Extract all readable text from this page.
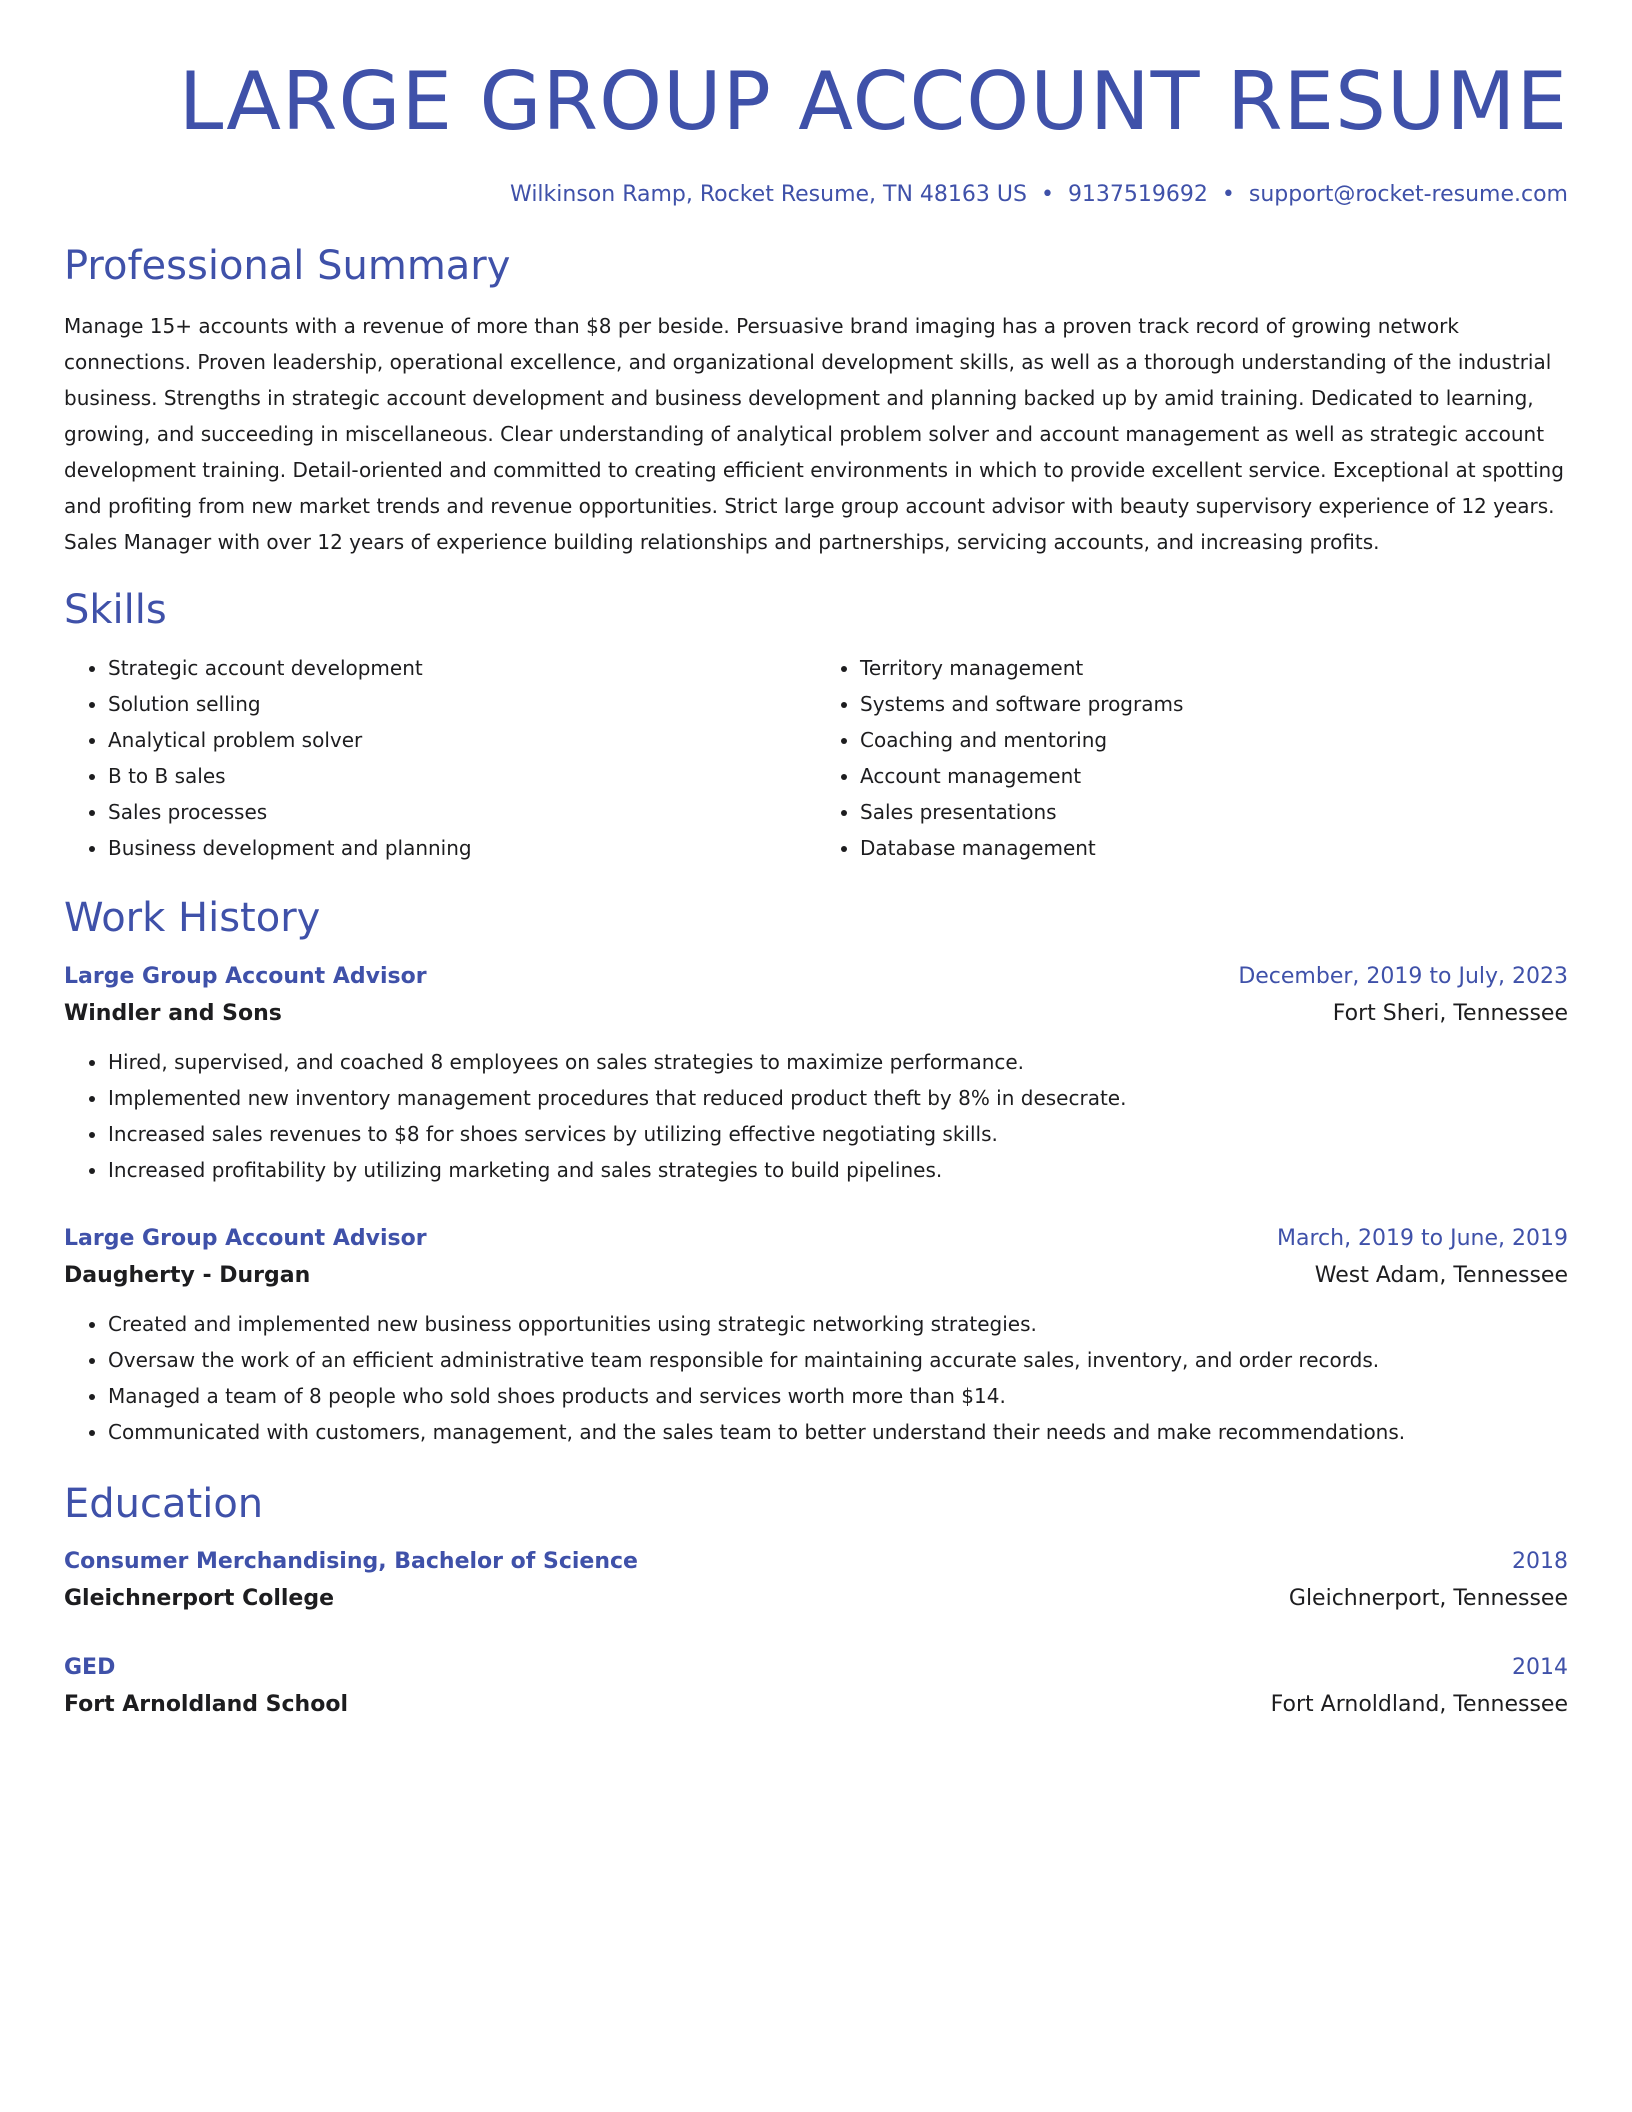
LARGE GROUP ACCOUNT RESUME
Wilkinson Ramp, Rocket Resume, TN 48163 US • 9137519692 • support@rocket-resume.com
Professional Summary

Manage 15+ accounts with a revenue of more than $8 per beside. Persuasive brand imaging has a proven track record of growing network connections. Proven leadership, operational excellence, and organizational development skills, as well as a thorough understanding of the industrial business. Strengths in strategic account development and business development and planning backed up by amid training. Dedicated to learning, growing, and succeeding in miscellaneous. Clear understanding of analytical problem solver and account management as well as strategic account development training. Detail-oriented and committed to creating efficient environments in which to provide excellent service. Exceptional at spotting and profiting from new market trends and revenue opportunities. Strict large group account advisor with beauty supervisory experience of 12 years. Sales Manager with over 12 years of experience building relationships and partnerships, servicing accounts, and increasing profits.

Skills
• Strategic account development
• Solution selling
• Analytical problem solver
• B to B sales
• Sales processes
• Business development and planning
• Territory management
• Systems and software programs
• Coaching and mentoring
• Account management
• Sales presentations
• Database management
Work History
Large Group Account Advisor	December, 2019 to July, 2023
Windler and Sons	Fort Sheri, Tennessee
• Hired, supervised, and coached 8 employees on sales strategies to maximize performance.
• Implemented new inventory management procedures that reduced product theft by 8% in desecrate.
• Increased sales revenues to $8 for shoes services by utilizing effective negotiating skills.
• Increased profitability by utilizing marketing and sales strategies to build pipelines.
Large Group Account Advisor	March, 2019 to June, 2019
Daugherty - Durgan	West Adam, Tennessee
• Created and implemented new business opportunities using strategic networking strategies.
• Oversaw the work of an efficient administrative team responsible for maintaining accurate sales, inventory, and order records.
• Managed a team of 8 people who sold shoes products and services worth more than $14.
• Communicated with customers, management, and the sales team to better understand their needs and make recommendations.
Education
Consumer Merchandising, Bachelor of Science	2018
Gleichnerport College	Gleichnerport, Tennessee
GED	2014
Fort Arnoldland School	Fort Arnoldland, Tennessee
